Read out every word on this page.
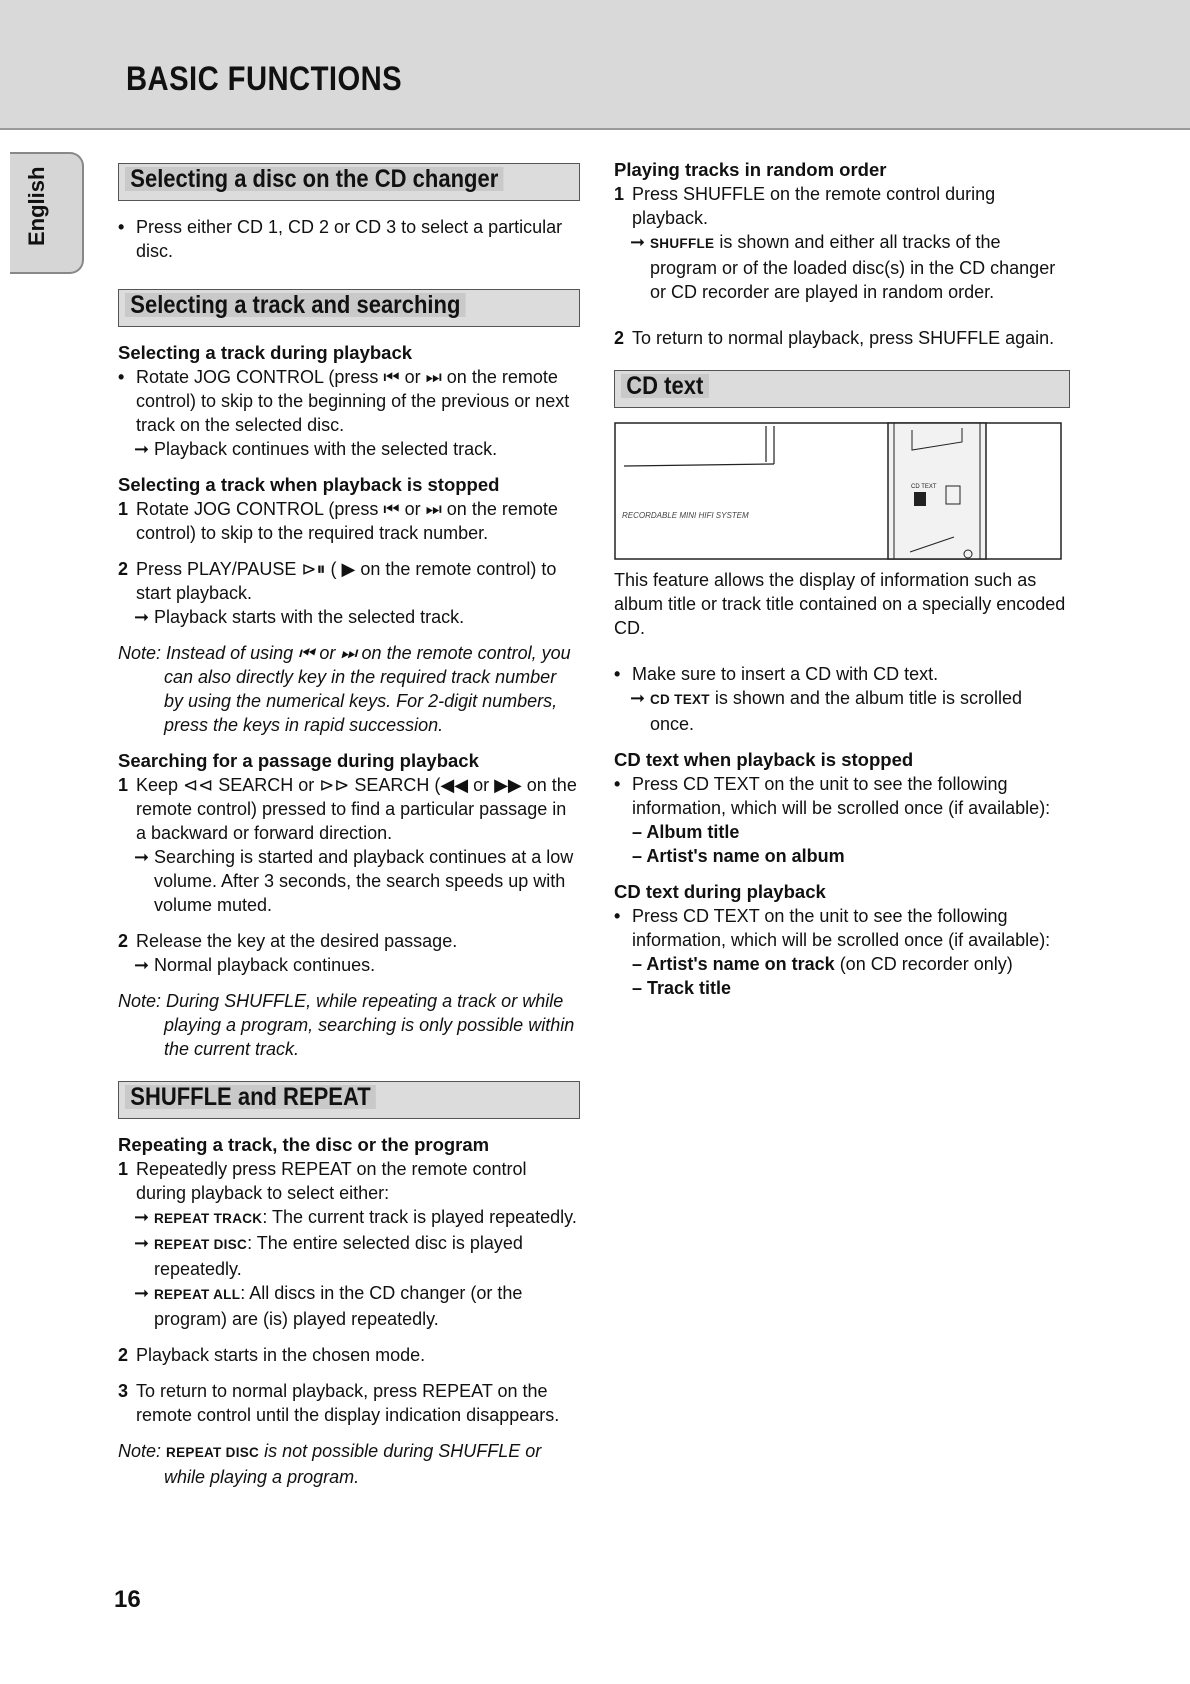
BASIC FUNCTIONS
English	Selecting a disc on the CD changer

• Press either CD 1, CD 2 or CD 3 to select a particular disc.

Selecting a track and searching

Selecting a track during playback

• Rotate JOG CONTROL (press ⏮ or ⏭ on the remote control) to skip to the beginning of the previous or next track on the selected disc.

➞ Playback continues with the selected track.

Selecting a track when playback is stopped

1 Rotate JOG CONTROL (press ⏮ or ⏭ on the remote control) to skip to the required track number.

2 Press PLAY/PAUSE ⊳⏸ ( ▶ on the remote control) to start playback.

➞ Playback starts with the selected track.

Note: Instead of using ⏮ or ⏭ on the remote control, you can also directly key in the required track number by using the numerical keys. For 2-digit numbers, press the keys in rapid succession.

Searching for a passage during playback

1 Keep ⊲⊲ SEARCH or ⊳⊳ SEARCH (◀◀ or ▶▶ on the remote control) pressed to find a particular passage in a backward or forward direction.

➞ Searching is started and playback continues at a low volume. After 3 seconds, the search speeds up with volume muted.

2 Release the key at the desired passage.

➞ Normal playback continues.

Note: During SHUFFLE, while repeating a track or while playing a program, searching is only possible within the current track.

SHUFFLE and REPEAT

Repeating a track, the disc or the program

1 Repeatedly press REPEAT on the remote control during playback to select either:

➞ REPEAT TRACK: The current track is played repeatedly.

➞ REPEAT DISC: The entire selected disc is played repeatedly.

➞ REPEAT ALL: All discs in the CD changer (or the program) are (is) played repeatedly.

2 Playback starts in the chosen mode.

3 To return to normal playback, press REPEAT on the remote control until the display indication disappears.

Note: REPEAT DISC is not possible during SHUFFLE or while playing a program.

Playing tracks in random order

1 Press SHUFFLE on the remote control during playback.

➞ SHUFFLE is shown and either all tracks of the program or of the loaded disc(s) in the CD changer or CD recorder are played in random order.

2 To return to normal playback, press SHUFFLE again.

CD text
RECORDABLE MINI HIFI SYSTEM
CD TEXT

This feature allows the display of information such as album title or track title contained on a specially encoded CD.

• Make sure to insert a CD with CD text.

➞ CD TEXT is shown and the album title is scrolled once.

CD text when playback is stopped

• Press CD TEXT on the unit to see the following information, which will be scrolled once (if available):

– Album title

– Artist's name on album

CD text during playback

• Press CD TEXT on the unit to see the following information, which will be scrolled once (if available):

– Artist's name on track (on CD recorder only)

– Track title

16
